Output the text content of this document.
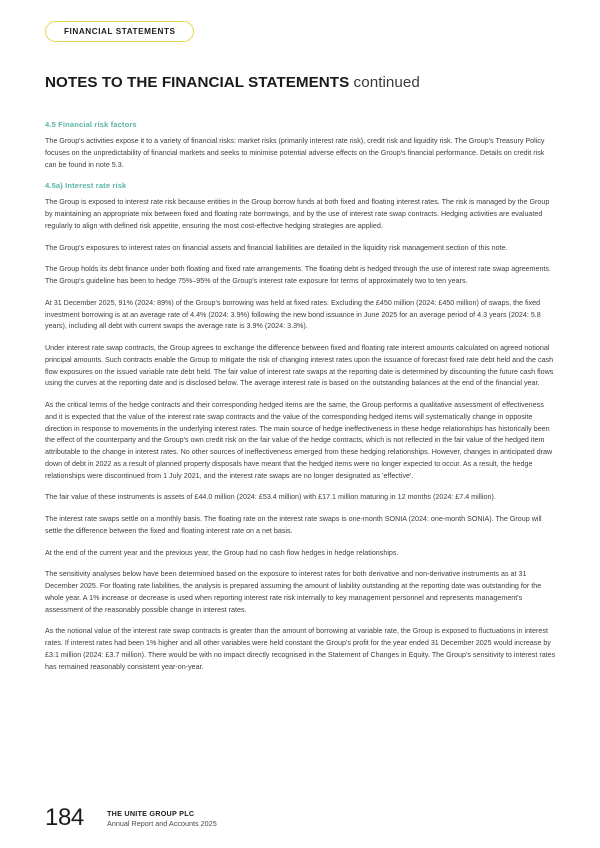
FINANCIAL STATEMENTS
NOTES TO THE FINANCIAL STATEMENTS continued
4.5 Financial risk factors

The Group's activities expose it to a variety of financial risks: market risks (primarily interest rate risk), credit risk and liquidity risk. The Group's Treasury Policy focuses on the unpredictability of financial markets and seeks to minimise potential adverse effects on the Group's financial performance. Details on credit risk can be found in note 5.3.

4.5a) Interest rate risk

The Group is exposed to interest rate risk because entities in the Group borrow funds at both fixed and floating interest rates. The risk is managed by the Group by maintaining an appropriate mix between fixed and floating rate borrowings, and by the use of interest rate swap contracts. Hedging activities are evaluated regularly to align with defined risk appetite, ensuring the most cost-effective hedging strategies are applied.

The Group's exposures to interest rates on financial assets and financial liabilities are detailed in the liquidity risk management section of this note.

The Group holds its debt finance under both floating and fixed rate arrangements. The floating debt is hedged through the use of interest rate swap agreements. The Group's guideline has been to hedge 75%–95% of the Group's interest rate exposure for terms of approximately two to ten years.

At 31 December 2025, 91% (2024: 89%) of the Group's borrowing was held at fixed rates. Excluding the £450 million (2024: £450 million) of swaps, the fixed investment borrowing is at an average rate of 4.4% (2024: 3.9%) following the new bond issuance in June 2025 for an average period of 4.3 years (2024: 5.8 years), including all debt with current swaps the average rate is 3.9% (2024: 3.3%).

Under interest rate swap contracts, the Group agrees to exchange the difference between fixed and floating rate interest amounts calculated on agreed notional principal amounts. Such contracts enable the Group to mitigate the risk of changing interest rates upon the issuance of forecast fixed rate debt held and the cash flow exposures on the issued variable rate debt held. The fair value of interest rate swaps at the reporting date is determined by discounting the future cash flows using the curves at the reporting date and is disclosed below. The average interest rate is based on the outstanding balances at the end of the financial year.

As the critical terms of the hedge contracts and their corresponding hedged items are the same, the Group performs a qualitative assessment of effectiveness and it is expected that the value of the interest rate swap contracts and the value of the corresponding hedged items will systematically change in opposite direction in response to movements in the underlying interest rates. The main source of hedge ineffectiveness in these hedge relationships has historically been the effect of the counterparty and the Group's own credit risk on the fair value of the hedge contracts, which is not reflected in the fair value of the hedged item attributable to the change in interest rates. No other sources of ineffectiveness emerged from these hedging relationships. However, changes in anticipated draw down of debt in 2022 as a result of planned property disposals have meant that the hedged items were no longer expected to occur. As a result, the hedge relationships were discontinued from 1 July 2021, and the interest rate swaps are no longer designated as 'effective'.

The fair value of these instruments is assets of £44.0 million (2024: £53.4 million) with £17.1 million maturing in 12 months (2024: £7.4 million).

The interest rate swaps settle on a monthly basis. The floating rate on the interest rate swaps is one-month SONIA (2024: one-month SONIA). The Group will settle the difference between the fixed and floating interest rate on a net basis.

At the end of the current year and the previous year, the Group had no cash flow hedges in hedge relationships.

The sensitivity analyses below have been determined based on the exposure to interest rates for both derivative and non-derivative instruments as at 31 December 2025. For floating rate liabilities, the analysis is prepared assuming the amount of liability outstanding at the reporting date was outstanding for the whole year. A 1% increase or decrease is used when reporting interest rate risk internally to key management personnel and represents management's assessment of the reasonably possible change in interest rates.

As the notional value of the interest rate swap contracts is greater than the amount of borrowing at variable rate, the Group is exposed to fluctuations in interest rates. If interest rates had been 1% higher and all other variables were held constant the Group's profit for the year ended 31 December 2025 would increase by £3.1 million (2024: £3.7 million). There would be with no impact directly recognised in the Statement of Changes in Equity. The Group's sensitivity to interest rates has remained reasonably consistent year-on-year.

184	THE UNITE GROUP PLC
Annual Report and Accounts 2025
